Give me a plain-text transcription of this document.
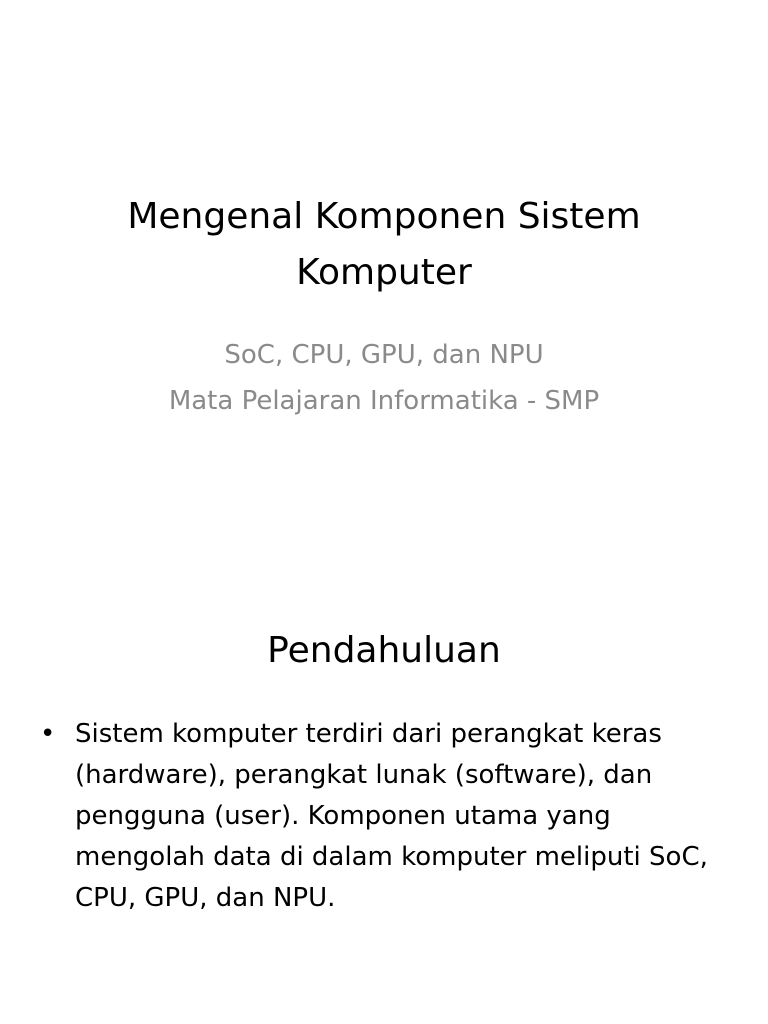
Mengenal Komponen Sistem Komputer
SoC, CPU, GPU, dan NPU
Mata Pelajaran Informatika - SMP
Pendahuluan
• Sistem komputer terdiri dari perangkat keras (hardware), perangkat lunak (software), dan pengguna (user). Komponen utama yang mengolah data di dalam komputer meliputi SoC, CPU, GPU, dan NPU.
